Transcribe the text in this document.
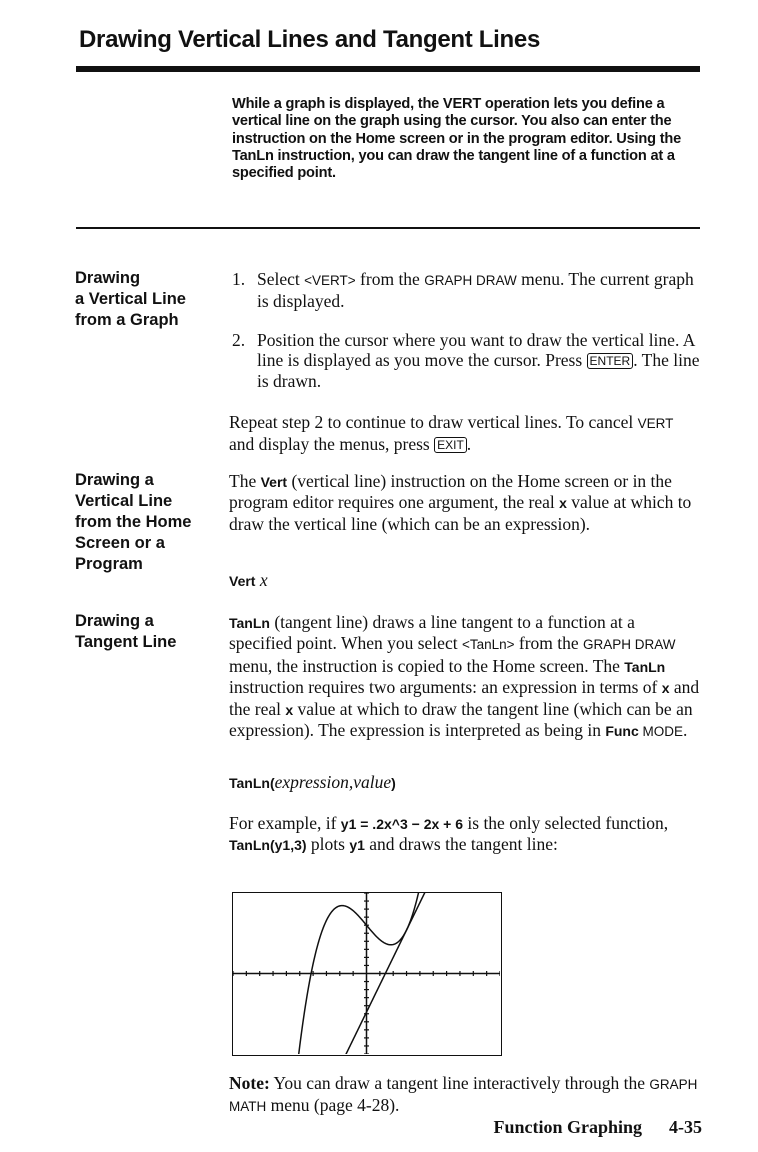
Drawing Vertical Lines and Tangent Lines
While a graph is displayed, the VERT operation lets you define a vertical line on the graph using the cursor. You also can enter the instruction on the Home screen or in the program editor. Using the TanLn instruction, you can draw the tangent line of a function at a specified point.
Drawing
a Vertical Line
from a Graph
1. Select <VERT> from the GRAPH DRAW menu. The current graph is displayed.
2. Position the cursor where you want to draw the vertical line. A line is displayed as you move the cursor. Press ENTER . The line is drawn.
Repeat step 2 to continue to draw vertical lines. To cancel VERT and display the menus, press EXIT .
Drawing a
Vertical Line
from the Home
Screen or a
Program
The Vert (vertical line) instruction on the Home screen or in the program editor requires one argument, the real x value at which to draw the vertical line (which can be an expression).
Vert x
Drawing a
Tangent Line
TanLn (tangent line) draws a line tangent to a function at a specified point. When you select <TanLn> from the GRAPH DRAW menu, the instruction is copied to the Home screen. The TanLn instruction requires two arguments: an expression in terms of x and the real x value at which to draw the tangent line (which can be an expression). The expression is interpreted as being in Func MODE.
TanLn(expression,value)
For example, if y1 = .2x^3 − 2x + 6 is the only selected function, TanLn(y1,3) plots y1 and draws the tangent line:
Note: You can draw a tangent line interactively through the GRAPH MATH menu (page 4-28).
Function Graphing 4-35
